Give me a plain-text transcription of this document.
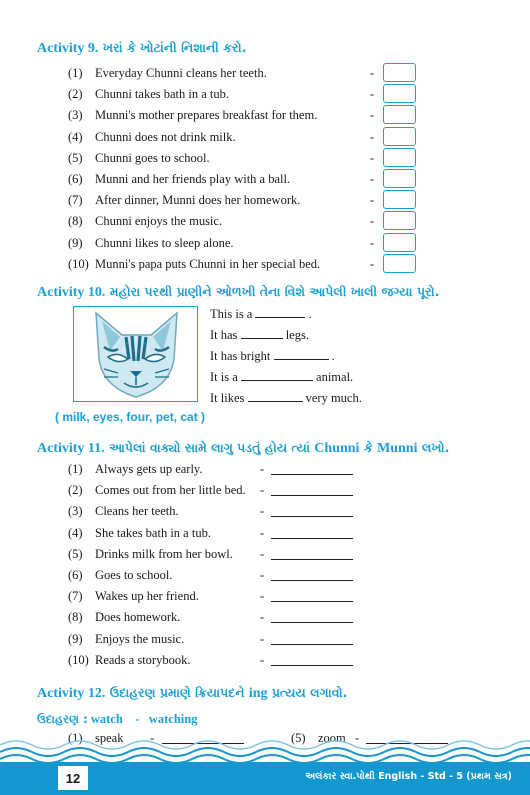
Activity 9. ખરાં કે ખોટાંની નિશાની કરો.
(1) Everyday Chunni cleans her teeth.	-
(2) Chunni takes bath in a tub.	-
(3) Munni's mother prepares breakfast for them.	-
(4) Chunni does not drink milk.	-
(5) Chunni goes to school.	-
(6) Munni and her friends play with a ball.	-
(7) After dinner, Munni does her homework.	-
(8) Chunni enjoys the music.	-
(9) Chunni likes to sleep alone.	-
(10) Munni's papa puts Chunni in her special bed.	-
Activity 10. મહોરા પરથી પ્રાણીને ઓળખી તેના વિશે આપેલી ખાલી જગ્યા પૂરો.
This is a	.
It has	legs.
It has bright	.
It is a	animal.
It likes	very much.
( milk, eyes, four, pet, cat )
Activity 11. આપેલાં વાક્યો સામે લાગુ પડતું હોય ત્યાં Chunni કે Munni લખો.
(1) Always gets up early.	-
(2) Comes out from her little bed. -
(3) Cleans her teeth.	-
(4) She takes bath in a tub.	-
(5) Drinks milk from her bowl. -
(6) Goes to school.	-
(7) Wakes up her friend.	-
(8) Does homework.	-
(9) Enjoys the music.	-
(10) Reads a storybook.	-
Activity 12. ઉદાહરણ પ્રમાણે ક્રિયાપદને ing પ્રત્યય લગાવો.
ઉદાહરણ : watch - watching
(1) speak -	(5) zoom -
12	અલંકાર સ્વા.પોથી English - Std - 5 (પ્રથમ સત્ર)
